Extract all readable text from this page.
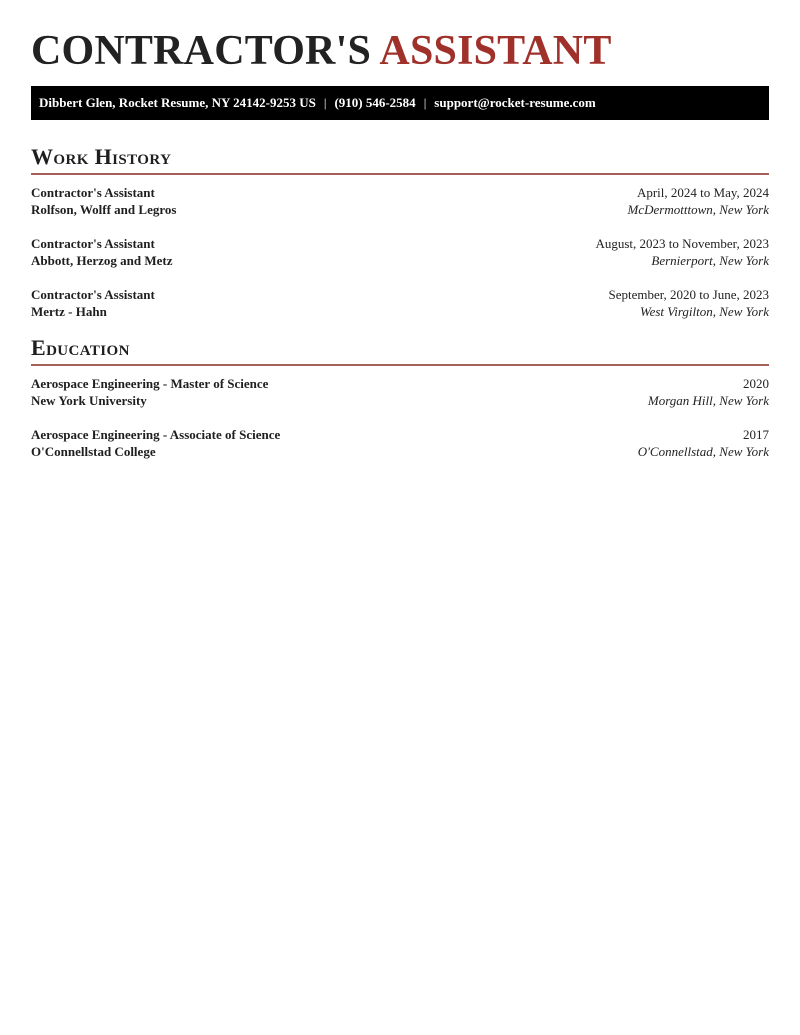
CONTRACTOR'S ASSISTANT
Dibbert Glen, Rocket Resume, NY 24142-9253 US | (910) 546-2584 | support@rocket-resume.com
Work History
Contractor's Assistant	April, 2024 to May, 2024
Rolfson, Wolff and Legros	McDermotttown, New York
Contractor's Assistant	August, 2023 to November, 2023
Abbott, Herzog and Metz	Bernierport, New York
Contractor's Assistant	September, 2020 to June, 2023
Mertz - Hahn	West Virgilton, New York
Education
Aerospace Engineering - Master of Science	2020
New York University	Morgan Hill, New York
Aerospace Engineering - Associate of Science	2017
O'Connellstad College	O'Connellstad, New York
